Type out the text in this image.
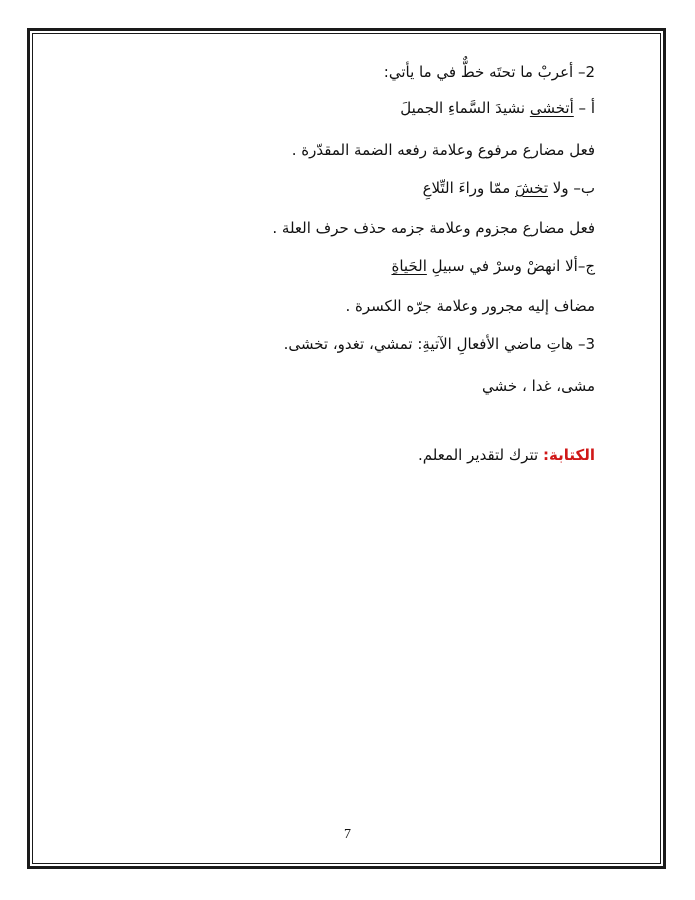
2– أعربْ ما تحتَه خطٌّ في ما يأتي:
أ – أتخشى نشيدَ السَّماءِ الجميلَ
فعل مضارع مرفوع وعلامة رفعه الضمة المقدّرة .
ب– ولا تخشَ ممّا وراءَ التِّلاعِ
فعل مضارع مجزوم وعلامة جزمه حذف حرف العلة .
ج–ألا انهضْ وسرْ في سبيلِ الحَياةِ
مضاف إليه مجرور وعلامة جرّه الكسرة .
3– هاتِ ماضي الأفعالِ الآتيةِ: تمشي، تغدو، تخشى.
مشى، غدا ، خشي
الكتابة: تترك لتقدير المعلم.
7
